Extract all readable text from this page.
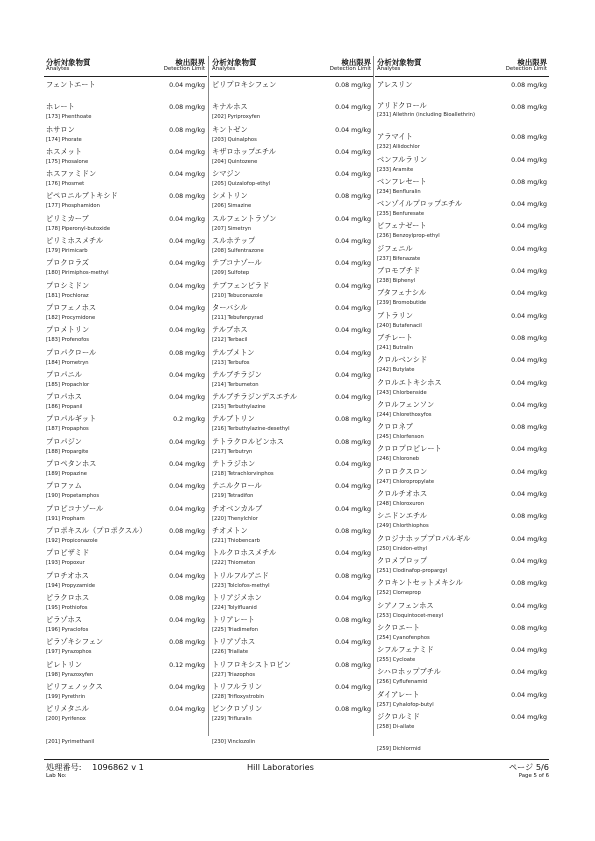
分析対象物質
Analytes
検出限界
Detection Limit
フェントエート	0.04 mg/kg
[173] Phenthoate
ホレート	0.08 mg/kg
[174] Phorate
ホサロン	0.08 mg/kg
[175] Phosalone
ホスメット	0.04 mg/kg
[176] Phosmet
ホスファミドン	0.04 mg/kg
[177] Phosphamidon
ピペロニルブトキシド	0.08 mg/kg
[178] Piperonyl-butoxide
ピリミカーブ	0.04 mg/kg
[179] Pirimicarb
ピリミホスメチル	0.04 mg/kg
[180] Pirimiphos-methyl
プロクロラズ	0.04 mg/kg
[181] Prochloraz
プロシミドン	0.04 mg/kg
[182] Procymidone
プロフェノホス	0.04 mg/kg
[183] Profenofos
プロメトリン	0.04 mg/kg
[184] Prometryn
プロパクロール	0.08 mg/kg
[185] Propachlor
プロパニル	0.04 mg/kg
[186] Propanil
プロパホス	0.04 mg/kg
[187] Propaphos
プロパルギット	0.2 mg/kg
[188] Propargite
プロパジン	0.04 mg/kg
[189] Propazine
プロペタンホス	0.04 mg/kg
[190] Propetamphos
プロファム	0.04 mg/kg
[191] Propham
プロピコナゾール	0.04 mg/kg
[192] Propiconazole
プロポキスル（プロポクスル）	0.08 mg/kg
[193] Propoxur
プロピザミド	0.04 mg/kg
[194] Propyzamide
プロチオホス	0.04 mg/kg
[195] Prothiofos
ピラクロホス	0.08 mg/kg
[196] Pyraclofos
ピラゾホス	0.04 mg/kg
[197] Pyrazophos
ピラゾキシフェン	0.08 mg/kg
[198] Pyrazoxyfen
ピレトリン	0.12 mg/kg
[199] Pyrethrin
ピリフェノックス	0.04 mg/kg
[200] Pyrifenox
ピリメタニル	0.04 mg/kg
[201] Pyrimethanil
分析対象物質
Analytes
検出限界
Detection Limit
ピリプロキシフェン	0.08 mg/kg
[202] Pyriproxyfen
キナルホス	0.04 mg/kg
[203] Quinalphos
キントゼン	0.04 mg/kg
[204] Quintozene
キザロホップエチル	0.04 mg/kg
[205] Quizalofop-ethyl
シマジン	0.04 mg/kg
[206] Simazine
シメトリン	0.08 mg/kg
[207] Simetryn
スルフェントラゾン	0.04 mg/kg
[208] Sulfentrazone
スルホテップ	0.04 mg/kg
[209] Sulfotep
テブコナゾール	0.04 mg/kg
[210] Tebuconazole
テブフェンピラド	0.04 mg/kg
[211] Tebufenpyrad
ターバシル	0.04 mg/kg
[212] Terbacil
テルブホス	0.04 mg/kg
[213] Terbufos
テルブメトン	0.04 mg/kg
[214] Terbumeton
テルブチラジン	0.04 mg/kg
[215] Terbuthylazine
テルブチラジンデスエチル	0.04 mg/kg
[216] Terbuthylazine-desethyl
テルブトリン	0.08 mg/kg
[217] Terbutryn
テトラクロルビンホス	0.08 mg/kg
[218] Tetrachlorvinphos
テトラジホン	0.04 mg/kg
[219] Tetradifon
テニルクロール	0.04 mg/kg
[220] Thenylchlor
チオベンカルブ	0.04 mg/kg
[221] Thiobencarb
チオメトン	0.08 mg/kg
[222] Thiometon
トルクロホスメチル	0.04 mg/kg
[223] Tolclofos-methyl
トリルフルアニド	0.08 mg/kg
[224] Tolylfluanid
トリアジメホン	0.04 mg/kg
[225] Triadimefon
トリアレート	0.08 mg/kg
[226] Triallate
トリアゾホス	0.04 mg/kg
[227] Triazophos
トリフロキシストロビン	0.08 mg/kg
[228] Trifloxystrobin
トリフルラリン	0.04 mg/kg
[229] Trifluralin
ビンクロゾリン	0.08 mg/kg
[230] Vinclozolin
分析対象物質
Analytes
検出限界
Detection Limit
アレスリン	0.08 mg/kg
[231] Allethrin (including Bioallethrin)
アリドクロール	0.08 mg/kg
[232] Allidochlor
アラマイト	0.08 mg/kg
[233] Aramite
ベンフルラリン	0.04 mg/kg
[234] Benfluralin
ベンフレセート	0.08 mg/kg
[235] Benfuresate
ベンゾイルプロップエチル	0.04 mg/kg
[236] Benzoylprop-ethyl
ビフェナゼート	0.04 mg/kg
[237] Bifenazate
ジフェニル	0.04 mg/kg
[238] Biphenyl
ブロモブチド	0.04 mg/kg
[239] Bromobutide
ブタフェナシル	0.04 mg/kg
[240] Butafenacil
ブトラリン	0.04 mg/kg
[241] Butralin
ブチレート	0.08 mg/kg
[242] Butylate
クロルベンシド	0.04 mg/kg
[243] Chlorbenside
クロルエトキシホス	0.04 mg/kg
[244] Chlorethoxyfos
クロルフェンソン	0.04 mg/kg
[245] Chlorfenson
クロロネブ	0.08 mg/kg
[246] Chloroneb
クロロプロピレート	0.04 mg/kg
[247] Chloropropylate
クロロクスロン	0.04 mg/kg
[248] Chloroxuron
クロルチオホス	0.04 mg/kg
[249] Chlorthiophos
シニドンエチル	0.08 mg/kg
[250] Cinidon-ethyl
クロジナホッププロパルギル	0.04 mg/kg
[251] Clodinafop-propargyl
クロメプロップ	0.04 mg/kg
[252] Clomeprop
クロキントセットメキシル	0.08 mg/kg
[253] Cloquintocet-mexyl
シアノフェンホス	0.04 mg/kg
[254] Cyanofenphos
シクロエート	0.08 mg/kg
[255] Cycloate
シフルフェナミド	0.04 mg/kg
[256] Cyflufenamid
シハロホップブチル	0.04 mg/kg
[257] Cyhalofop-butyl
ダイアレート	0.04 mg/kg
[258] Di-allate
ジクロルミド	0.04 mg/kg
[259] Dichlormid
処理番号: 1096862 v 1
Lab No:
Hill Laboratories	ページ 5/6
Page 5 of 6
